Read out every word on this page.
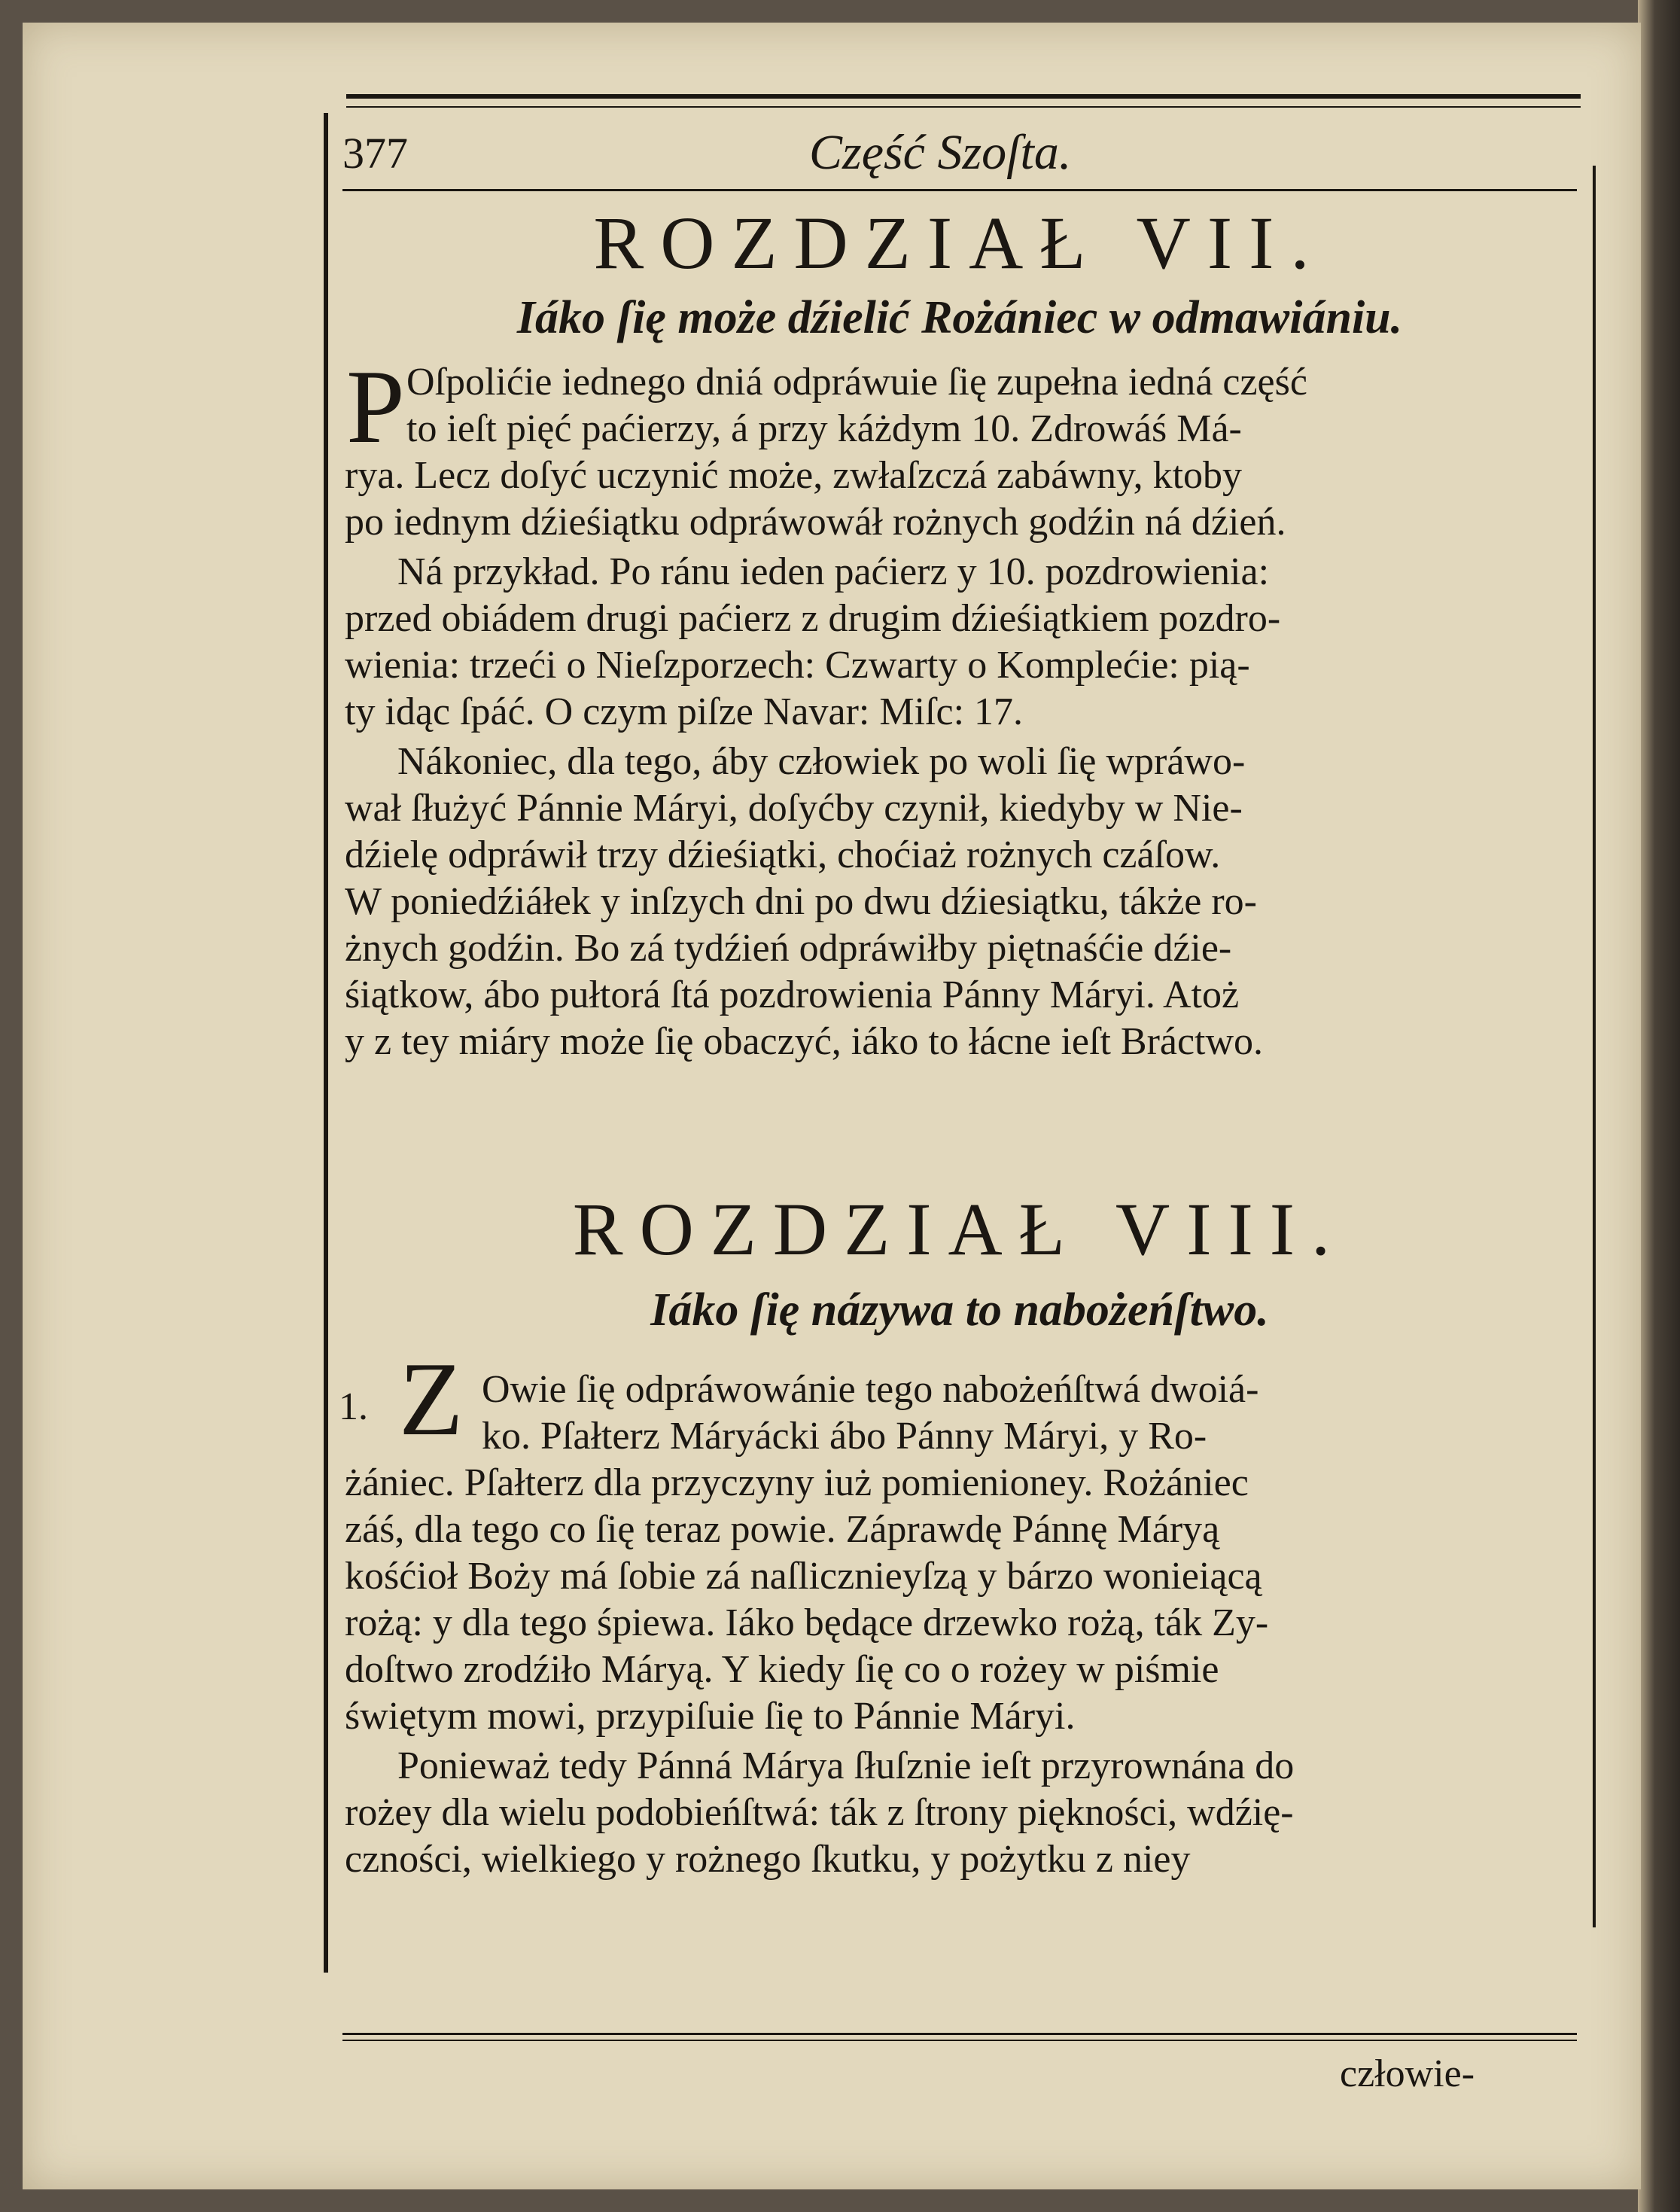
377	Część Szoſta.
ROZDZIAŁ VII.
Iáko ſię może dźielić Rożániec w odmawiániu.
P Oſpolićie iednego dniá odpráwuie ſię zupełna iedná część
to ieſt pięć paćierzy, á przy káżdym 10. Zdrowáś Má-
rya. Lecz doſyć uczynić może, zwłaſzczá zabáwny, ktoby
po iednym dźieśiątku odpráwowáł rożnych godźin ná dźień.
Ná przykład. Po ránu ieden paćierz y 10. pozdrowienia:
przed obiádem drugi paćierz z drugim dźieśiątkiem pozdro-
wienia: trzeći o Nieſzporzech: Czwarty o Komplećie: pią-
ty idąc ſpáć. O czym piſze Navar: Miſc: 17.
Nákoniec, dla tego, áby człowiek po woli ſię wpráwo-
wał ſłużyć Pánnie Máryi, doſyćby czynił, kiedyby w Nie-
dźielę odpráwił trzy dźieśiątki, choćiaż rożnych czáſow.
W poniedźiáłek y inſzych dni po dwu dźiesiątku, tákże ro-
żnych godźin. Bo zá tydźień odpráwiłby piętnaśćie dźie-
śiątkow, ábo pułtorá ſtá pozdrowienia Pánny Máryi. Atoż
y z tey miáry może ſię obaczyć, iáko to łácne ieſt Bráctwo.
ROZDZIAŁ VIII.
Iáko ſię názywa to nabożeńſtwo.
1. Z Owie ſię odpráwowánie tego nabożeńſtwá dwoiá-
ko. Pſałterz Máryácki ábo Pánny Máryi, y Ro-
żániec. Pſałterz dla przyczyny iuż pomienioney. Rożániec
záś, dla tego co ſię teraz powie. Záprawdę Pánnę Máryą
kośćioł Boży má ſobie zá naſlicznieyſzą y bárzo wonieiącą
rożą: y dla tego śpiewa. Iáko będące drzewko rożą, ták Zy-
doſtwo zrodźiło Máryą. Y kiedy ſię co o rożey w piśmie
świętym mowi, przypiſuie ſię to Pánnie Máryi.
Ponieważ tedy Pánná Márya ſłuſznie ieſt przyrownána do
rożey dla wielu podobieńſtwá: ták z ſtrony piękności, wdźię-
czności, wielkiego y rożnego ſkutku, y pożytku z niey
człowie-
